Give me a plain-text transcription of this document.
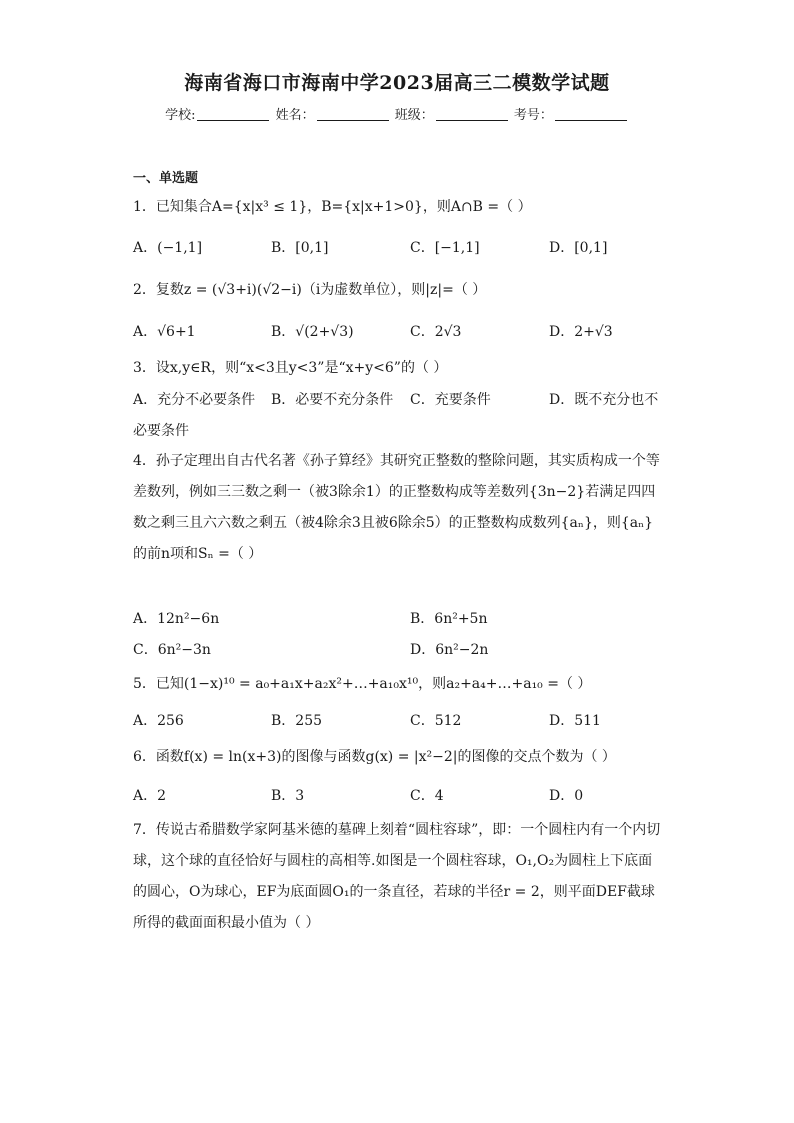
海南省海口市海南中学2023届高三二模数学试题
学校:	姓名：	班级：	考号：
一、单选题
1．已知集合A={x|x³ ≤ 1}，B={x|x+1>0}，则A∩B =（ ）
A．(−1,1]	B．[0,1]	C．[−1,1]	D．[0,1]
2．复数z = (√3+i)(√2−i)（i为虚数单位），则|z|=（ ）
A．√6+1	B．√(2+√3)	C．2√3	D．2+√3
3．设x,y∈R，则“x<3且y<3”是“x+y<6”的（ ）
A．充分不必要条件 B．必要不充分条件 C．充要条件	D．既不充分也不
必要条件
4．孙子定理出自古代名著《孙子算经》其研究正整数的整除问题，其实质构成一个等差数列，例如三三数之剩一（被3除余1）的正整数构成等差数列{3n−2}若满足四四数之剩三且六六数之剩五（被4除余3且被6除余5）的正整数构成数列{aₙ}，则{aₙ}的前n项和Sₙ =（ ）
A．12n²−6n	B．6n²+5n
C．6n²−3n	D．6n²−2n
5．已知(1−x)¹⁰ = a₀+a₁x+a₂x²+…+a₁₀x¹⁰，则a₂+a₄+…+a₁₀ =（ ）
A．256	B．255	C．512	D．511
6．函数f(x) = ln(x+3)的图像与函数g(x) = |x²−2|的图像的交点个数为（ ）
A．2	B．3	C．4	D．0
7．传说古希腊数学家阿基米德的墓碑上刻着“圆柱容球”，即：一个圆柱内有一个内切球，这个球的直径恰好与圆柱的高相等.如图是一个圆柱容球，O₁,O₂为圆柱上下底面的圆心，O为球心，EF为底面圆O₁的一条直径，若球的半径r = 2，则平面DEF截球所得的截面面积最小值为（ ）
